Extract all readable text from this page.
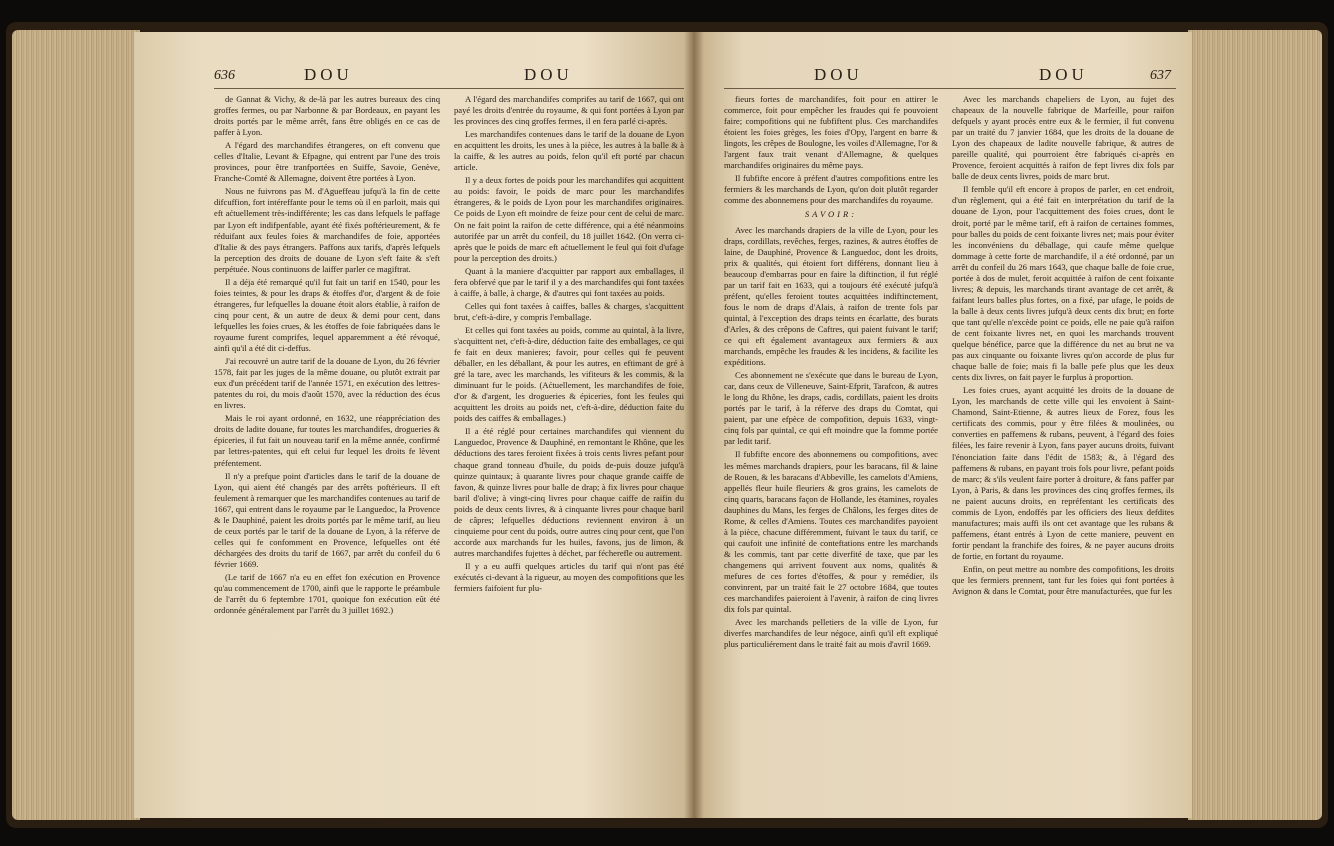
636	DOU	DOU

de Gannat & Vichy, & de-là par les autres bureaux des cinq groffes fermes, ou par Narbonne & par Bordeaux, en payant les droits portés par le même arrêt, fans être obligés en ce cas de paffer à Lyon.

A l'égard des marchandifes étrangeres, on eft convenu que celles d'Italie, Levant & Efpagne, qui entrent par l'une des trois provinces, pour être tranfportées en Suiffe, Savoie, Genève, Franche-Comté & Allemagne, doivent être portées à Lyon.

Nous ne fuivrons pas M. d'Agueffeau jufqu'à la fin de cette difcuffion, fort intéreffante pour le tems où il en parloit, mais qui eft aćtuellement très-indifférente; les cas dans lefquels le paffage par Lyon eft indifpenfable, ayant été fixés poftérieurement, & fe réduifant aux feules foies & marchandifes de foie, apportées d'Italie & des pays étrangers. Paffons aux tarifs, d'après lefquels la perception des droits de douane de Lyon s'eft faite & s'eft perpétuée. Nous continuons de laiffer parler ce magiftrat.

Il a déja été remarqué qu'il fut fait un tarif en 1540, pour les foies teintes, & pour les draps & étoffes d'or, d'argent & de foie étrangeres, fur lefquelles la douane étoit alors établie, à raifon de cinq pour cent, & un autre de deux & demi pour cent, dans lefquelles les foies crues, & les étoffes de foie fabriquées dans le royaume furent comprifes, lequel apparemment a été révoqué, ainfi qu'il a été dit ci-deffus.

J'ai recouvré un autre tarif de la douane de Lyon, du 26 février 1578, fait par les juges de la même douane, ou plutôt extrait par eux d'un précédent tarif de l'année 1571, en exécution des lettres-patentes du roi, du mois d'août 1570, avec la réduction des écus en livres.

Mais le roi ayant ordonné, en 1632, une réappréciation des droits de ladite douane, fur toutes les marchandifes, drogueries & épiceries, il fut fait un nouveau tarif en la même année, confirmé par lettres-patentes, qui eft celui fur lequel les droits fe lèvent préfentement.

Il n'y a prefque point d'articles dans le tarif de la douane de Lyon, qui aient été changés par des arrêts poftérieurs. Il eft feulement à remarquer que les marchandifes contenues au tarif de 1667, qui entrent dans le royaume par le Languedoc, la Provence & le Dauphiné, paient les droits portés par le même tarif, au lieu de ceux portés par le tarif de la douane de Lyon, à la réferve de celles qui fe confomment en Provence, lefquelles ont été déchargées des droits du tarif de 1667, par arrêt du confeil du 6 février 1669.

(Le tarif de 1667 n'a eu en effet fon exécution en Provence qu'au commencement de 1700, ainfi que le rapporte le préambule de l'arrêt du 6 feptembre 1701, quoique fon exécution eût été ordonnée généralement par l'arrêt du 3 juillet 1692.)

A l'égard des marchandifes comprifes au tarif de 1667, qui ont payé les droits d'entrée du royaume, & qui font portées à Lyon par les provinces des cinq groffes fermes, il en fera parlé ci-après.

Les marchandifes contenues dans le tarif de la douane de Lyon en acquittent les droits, les unes à la pièce, les autres à la balle & à la caiffe, & les autres au poids, felon qu'il eft porté par chacun article.

Il y a deux fortes de poids pour les marchandifes qui acquittent au poids: favoir, le poids de marc pour les marchandifes étrangeres, & le poids de Lyon pour les marchandifes originaires. Ce poids de Lyon eft moindre de feize pour cent de celui de marc. On ne fait point la raifon de cette différence, qui a été néanmoins autorifée par un arrêt du confeil, du 18 juillet 1642. (On verra ci-après que le poids de marc eft aćtuellement le feul qui foit d'ufage pour la perception des droits.)

Quant à la maniere d'acquitter par rapport aux emballages, il fera obfervé que par le tarif il y a des marchandifes qui font taxées à caiffe, à balle, à charge, & d'autres qui font taxées au poids.

Celles qui font taxées à caiffes, balles & charges, s'acquittent brut, c'eft-à-dire, y compris l'emballage.

Et celles qui font taxées au poids, comme au quintal, à la livre, s'acquittent net, c'eft-à-dire, déduction faite des emballages, ce qui fe fait en deux manieres; favoir, pour celles qui fe peuvent déballer, en les déballant, & pour les autres, en eftimant de gré à gré la tare, avec les marchands, les vifiteurs & les commis, & la diminuant fur le poids. (Aćtuellement, les marchandifes de foie, d'or & d'argent, les drogueries & épiceries, font les feules qui acquittent les droits au poids net, c'eft-à-dire, déduction faite du poids des caiffes & emballages.)

Il a été réglé pour certaines marchandifes qui viennent du Languedoc, Provence & Dauphiné, en remontant le Rhône, que les déductions des tares feroient fixées à trois cents livres pefant pour chaque grand tonneau d'huile, du poids de-puis douze jufqu'à quinze quintaux; à quarante livres pour chaque grande caiffe de favon, & quinze livres pour balle de drap; à fix livres pour chaque baril d'olive; à vingt-cinq livres pour chaque caiffe de raifin du poids de deux cents livres, & à cinquante livres pour chaque baril de câpres; lefquelles déductions reviennent environ à un cinquieme pour cent du poids, outre autres cinq pour cent, que l'on accorde aux marchands fur les huiles, favons, jus de limon, & autres marchandifes fujettes à déchet, par fécherefle ou autrement.

Il y a eu auffi quelques articles du tarif qui n'ont pas été exécutés ci-devant à la rigueur, au moyen des compofitions que les fermiers faifoient fur plu-

DOU	DOU	637

fieurs fortes de marchandifes, foit pour en attirer le commerce, foit pour empêcher les fraudes qui fe pouvoient faire; compofitions qui ne fubfiftent plus. Ces marchandifes étoient les foies grèges, les foies d'Opy, l'argent en barre & lingots, les crêpes de Boulogne, les voiles d'Allemagne, l'or & l'argent faux trait venant d'Allemagne, & quelques marchandifes originaires du même pays.

Il fubfifte encore à préfent d'autres compofitions entre les fermiers & les marchands de Lyon, qu'on doit plutôt regarder comme des abonnemens pour des marchandifes du royaume.

SAVOIR:

Avec les marchands drapiers de la ville de Lyon, pour les draps, cordillats, revêches, ferges, razines, & autres étoffes de laine, de Dauphiné, Provence & Languedoc, dont les droits, prix & qualités, qui étoient fort différens, donnant lieu à beaucoup d'embarras pour en faire la diftinction, il fut réglé par un tarif fait en 1633, qui a toujours été exécuté jufqu'à préfent, qu'elles feroient toutes acquittées indiftinctement, fous le nom de draps d'Alais, à raifon de trente fols par quintal, à l'exception des draps teints en écarlatte, des burats d'Arles, & des crêpons de Caftres, qui paient fuivant le tarif; ce qui eft également avantageux aux fermiers & aux marchands, empêche les fraudes & les incidens, & facilite les expéditions.

Ces abonnement ne s'exécute que dans le bureau de Lyon, car, dans ceux de Villeneuve, Saint-Efprit, Tarafcon, & autres le long du Rhône, les draps, cadis, cordillats, paient les droits portés par le tarif, à la réferve des draps du Comtat, qui paient, par une efpèce de compofition, depuis 1633, vingt-cinq fols par quintal, ce qui eft moindre que la fomme portée par ledit tarif.

Il fubfifte encore des abonnemens ou compofitions, avec les mêmes marchands drapiers, pour les baracans, fil & laine de Rouen, & les baracans d'Abbeville, les camelots d'Amiens, appellés fleur huile fleuriers & gros grains, les camelots de cinq quarts, baracans façon de Hollande, les étamines, royales dauphines du Mans, les ferges de Châlons, les ferges dites de Rome, & celles d'Amiens. Toutes ces marchandifes payoient à la pièce, chacune différemment, fuivant le taux du tarif, ce qui caufoit une infinité de conteftations entre les marchands & les commis, tant par cette diverfité de taxe, que par les changemens qui arrivent fouvent aux noms, qualités & mefures de ces fortes d'étoffes, & pour y remédier, ils convinrent, par un traité fait le 27 octobre 1684, que toutes ces marchandifes paieroient à l'avenir, à raifon de cinq livres dix fols par quintal.

Avec les marchands pelletiers de la ville de Lyon, fur diverfes marchandifes de leur négoce, ainfi qu'il eft expliqué plus particuliérement dans le traité fait au mois d'avril 1669.

Avec les marchands chapeliers de Lyon, au fujet des chapeaux de la nouvelle fabrique de Marfeille, pour raifon defquels y ayant procès entre eux & le fermier, il fut convenu par un traité du 7 janvier 1684, que les droits de la douane de Lyon des chapeaux de ladite nouvelle fabrique, & autres de pareille qualité, qui pourroient être fabriqués ci-après en Provence, feroient acquittés à raifon de fept livres dix fols par balle de deux cents livres, poids de marc brut.

Il femble qu'il eft encore à propos de parler, en cet endroit, d'un règlement, qui a été fait en interprétation du tarif de la douane de Lyon, pour l'acquittement des foies crues, dont le droit, porté par le même tarif, eft à raifon de certaines fommes, pour balles du poids de cent foixante livres net; mais pour éviter les inconvéniens du déballage, qui caufe même quelque dommage à cette forte de marchandife, il a été ordonné, par un arrêt du confeil du 26 mars 1643, que chaque balle de foie crue, portée à dos de mulet, feroit acquittée à raifon de cent foixante livres; & depuis, les marchands tirant avantage de cet arrêt, & faifant leurs balles plus fortes, on a fixé, par ufage, le poids de la balle à deux cents livres jufqu'à deux cents dix brut; en forte que tant qu'elle n'excède point ce poids, elle ne paie qu'à raifon de cent foixante livres net, en quoi les marchands trouvent quelque bénéfice, parce que la différence du net au brut ne va pas aux cinquante ou foixante livres qu'on accorde de plus fur chaque balle de foie; mais fi la balle pefe plus que les deux cents dix livres, on fait payer le furplus à proportion.

Les foies crues, ayant acquitté les droits de la douane de Lyon, les marchands de cette ville qui les envoient à Saint-Chamond, Saint-Etienne, & autres lieux de Forez, fous les certificats des commis, pour y être filées & moulinées, ou converties en paffemens & rubans, peuvent, à l'égard des foies filées, les faire revenir à Lyon, fans payer aucuns droits, fuivant l'énonciation faite dans l'édit de 1583; &, à l'égard des paffemens & rubans, en payant trois fols pour livre, pefant poids de marc; & s'ils veulent faire porter à droiture, & fans paffer par Lyon, à Paris, & dans les provinces des cinq groffes fermes, ils ne paient aucuns droits, en repréfentant les certificats des commis de Lyon, endoffés par les officiers des lieux defdites manufactures; mais auffi ils ont cet avantage que les rubans & paffemens, étant entrés à Lyon de cette maniere, peuvent en fortir pendant la franchife des foires, & ne payer aucuns droits de fortie, en fortant du royaume.

Enfin, on peut mettre au nombre des compofitions, les droits que les fermiers prennent, tant fur les foies qui font portées à Avignon & dans le Comtat, pour être manufacturées, que fur les
